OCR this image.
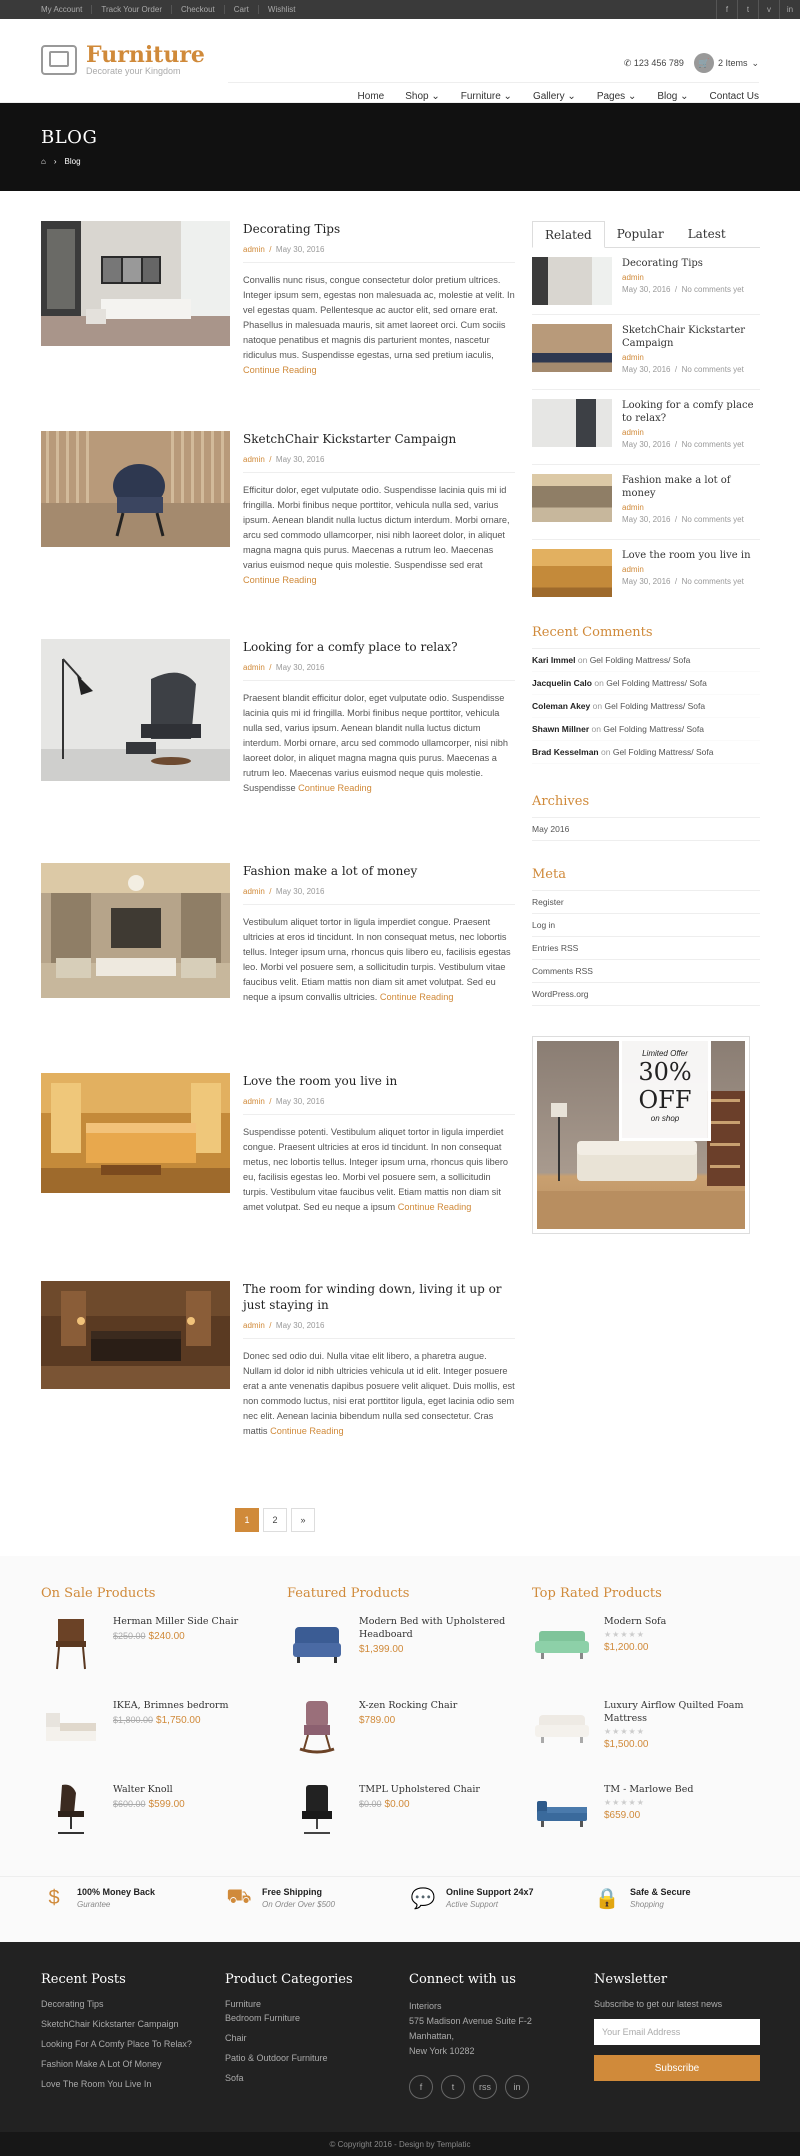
My Account	Track Your Order	Checkout	Cart	Wishlist	f	t	v	in
Furniture
Decorate your Kingdom
✆ 123 456 789	🛒 2 Items ⌄
Home Shop ⌄ Furniture ⌄ Gallery ⌄ Pages ⌄ Blog ⌄ Contact Us
BLOG
⌂ › Blog
Decorating Tips
admin  /  May 30, 2016

Convallis nunc risus, congue consectetur dolor pretium ultrices. Integer ipsum sem, egestas non malesuada ac, molestie at velit. In vel egestas quam. Pellentesque ac auctor elit, sed ornare erat. Phasellus in malesuada mauris, sit amet laoreet orci. Cum sociis natoque penatibus et magnis dis parturient montes, nascetur ridiculus mus. Suspendisse egestas, urna sed pretium iaculis, Continue Reading

SketchChair Kickstarter Campaign
admin  /  May 30, 2016

Efficitur dolor, eget vulputate odio. Suspendisse lacinia quis mi id fringilla. Morbi finibus neque porttitor, vehicula nulla sed, varius ipsum. Aenean blandit nulla luctus dictum interdum. Morbi ornare, arcu sed commodo ullamcorper, nisi nibh laoreet dolor, in aliquet magna magna quis purus. Maecenas a rutrum leo. Maecenas varius euismod neque quis molestie. Suspendisse sed erat Continue Reading

Looking for a comfy place to relax?
admin  /  May 30, 2016

Praesent blandit efficitur dolor, eget vulputate odio. Suspendisse lacinia quis mi id fringilla. Morbi finibus neque porttitor, vehicula nulla sed, varius ipsum. Aenean blandit nulla luctus dictum interdum. Morbi ornare, arcu sed commodo ullamcorper, nisi nibh laoreet dolor, in aliquet magna magna quis purus. Maecenas a rutrum leo. Maecenas varius euismod neque quis molestie. Suspendisse Continue Reading

Fashion make a lot of money
admin  /  May 30, 2016

Vestibulum aliquet tortor in ligula imperdiet congue. Praesent ultricies at eros id tincidunt. In non consequat metus, nec lobortis tellus. Integer ipsum urna, rhoncus quis libero eu, facilisis egestas leo. Morbi vel posuere sem, a sollicitudin turpis. Vestibulum vitae faucibus velit. Etiam mattis non diam sit amet volutpat. Sed eu neque a ipsum convallis ultricies. Continue Reading

Love the room you live in
admin  /  May 30, 2016

Suspendisse potenti. Vestibulum aliquet tortor in ligula imperdiet congue. Praesent ultricies at eros id tincidunt. In non consequat metus, nec lobortis tellus. Integer ipsum urna, rhoncus quis libero eu, facilisis egestas leo. Morbi vel posuere sem, a sollicitudin turpis. Vestibulum vitae faucibus velit. Etiam mattis non diam sit amet volutpat. Sed eu neque a ipsum Continue Reading

The room for winding down, living it up or just staying in
admin  /  May 30, 2016

Donec sed odio dui. Nulla vitae elit libero, a pharetra augue. Nullam id dolor id nibh ultricies vehicula ut id elit. Integer posuere erat a ante venenatis dapibus posuere velit aliquet. Duis mollis, est non commodo luctus, nisi erat porttitor ligula, eget lacinia odio sem nec elit. Aenean lacinia bibendum nulla sed consectetur. Cras mattis Continue Reading

1	2	»
Related	Popular	Latest
Decorating Tips
admin
May 30, 2016  /  No comments yet
SketchChair Kickstarter Campaign
admin
May 30, 2016  /  No comments yet
Looking for a comfy place to relax?
admin
May 30, 2016  /  No comments yet
Fashion make a lot of money
admin
May 30, 2016  /  No comments yet
Love the room you live in
admin
May 30, 2016  /  No comments yet
Recent Comments
Kari Immel on Gel Folding Mattress/ Sofa
Jacquelin Calo on Gel Folding Mattress/ Sofa
Coleman Akey on Gel Folding Mattress/ Sofa
Shawn Millner on Gel Folding Mattress/ Sofa
Brad Kesselman on Gel Folding Mattress/ Sofa
Archives
May 2016
Meta
Register
Log in
Entries RSS
Comments RSS
WordPress.org
Limited Offer
30%
OFF
on shop
On Sale Products
Herman Miller Side Chair
$250.00 $240.00
IKEA, Brimnes bedrorm
$1,800.00 $1,750.00
Walter Knoll
$600.00 $599.00
Featured Products
Modern Bed with Upholstered Headboard
$1,399.00
X-zen Rocking Chair
$789.00
TMPL Upholstered Chair
$0.00 $0.00
Top Rated Products
Modern Sofa
★★★★★
$1,200.00
Luxury Airflow Quilted Foam Mattress
★★★★★
$1,500.00
TM - Marlowe Bed
★★★★★
$659.00
$	100% Money Back
Gurantee	⛟ Free Shipping
On Order Over $500	💬 Online Support 24x7
Active Support	🔒 Safe & Secure
Shopping
Recent Posts
Decorating Tips
SketchChair Kickstarter Campaign
Looking For A Comfy Place To Relax?
Fashion Make A Lot Of Money
Love The Room You Live In
Product Categories
Furniture
Bedroom Furniture
Chair
Patio & Outdoor Furniture
Sofa
Connect with us
Interiors
575 Madison Avenue Suite F-2
Manhattan,
New York 10282
f	t	rss	in
Newsletter
Subscribe to get our latest news
Your Email Address
Subscribe
© Copyright 2016 - Design by Templatic
